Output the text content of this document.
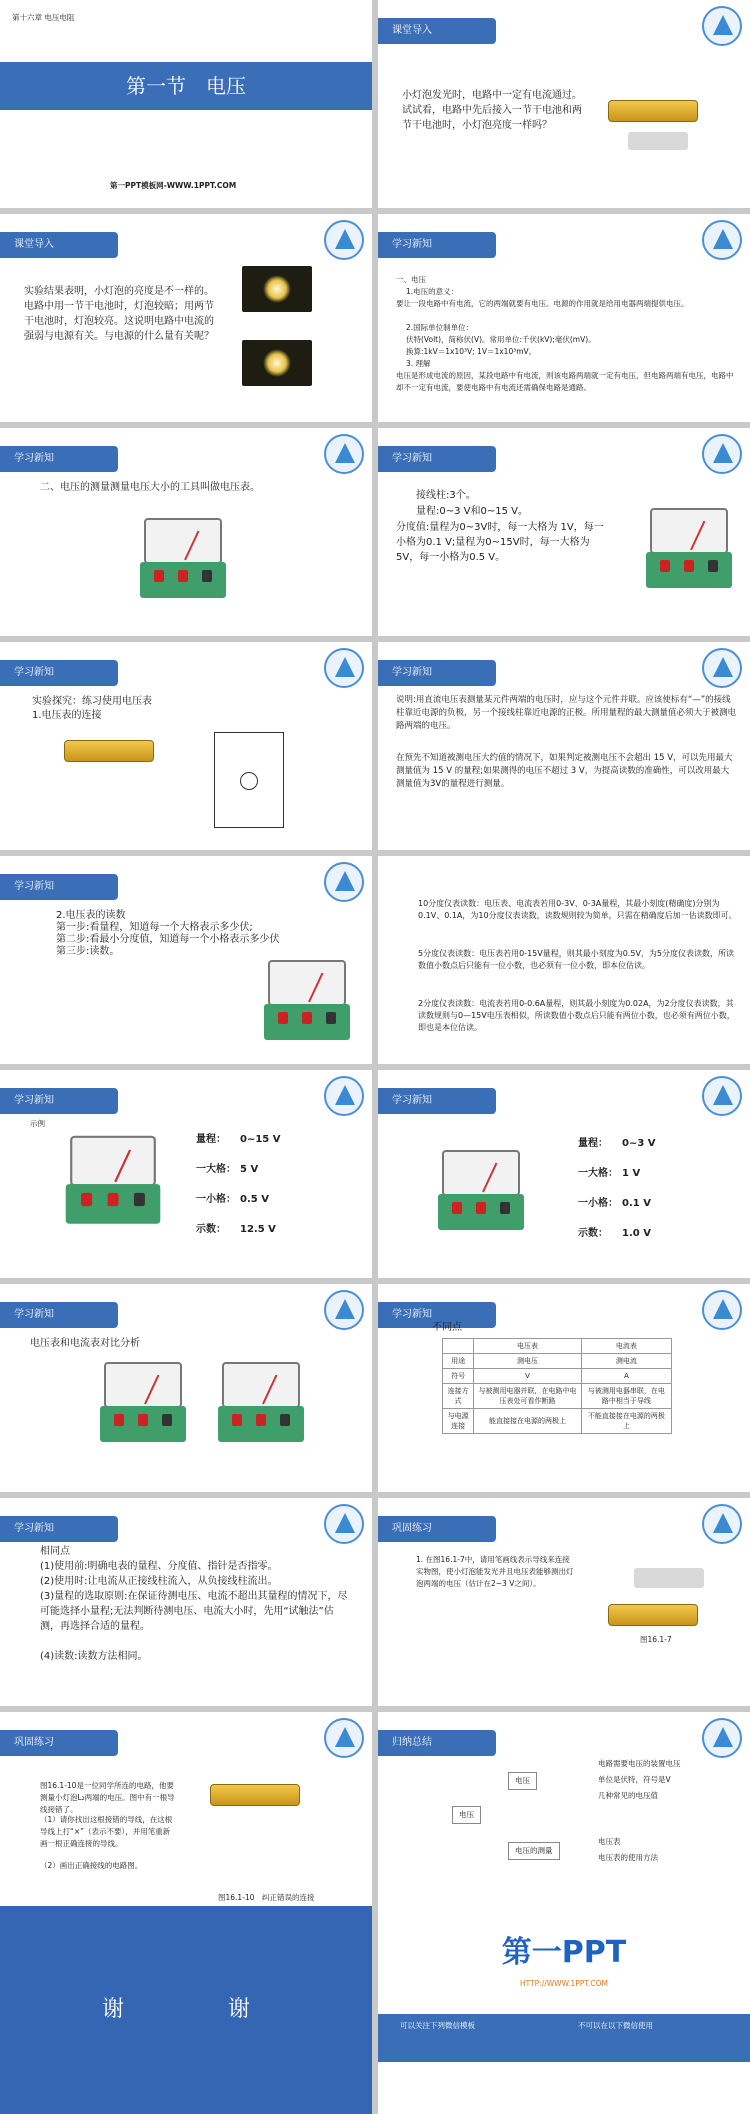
第十六章 电压电阻
第一节　电压
第一PPT模板网-WWW.1PPT.COM
课堂导入
小灯泡发光时，电路中一定有电流通过。试试看，电路中先后接入一节干电池和两节干电池时，小灯泡亮度一样吗？
课堂导入
实验结果表明，小灯泡的亮度是不一样的。电路中用一节干电池时，灯泡较暗；用两节干电池时，灯泡较亮。这说明电路中电流的强弱与电源有关。与电源的什么量有关呢？
学习新知
一、电压
1.电压的意义：
要让一段电路中有电流，它的两端就要有电压。电源的作用就是给用电器两端提供电压。
2.国际单位制单位：
伏特(Volt)，简称伏(V)。常用单位:千伏(kV);毫伏(mV)。
换算:1kV＝1x10³V; 1V＝1x10³mV。
3. 理解
电压是形成电流的原因，某段电路中有电流，则该电路两端就一定有电压，但电路两端有电压，电路中却不一定有电流，要使电路中有电流还需确保电路是通路。
学习新知
二、电压的测量测量电压大小的工具叫做电压表。
学习新知
接线柱:3个。
量程:0~3 V和0~15 V。
分度值:量程为0~3V时，每一大格为 1V，每一小格为0.1 V;量程为0~15V时，每一大格为5V，每一小格为0.5 V。
学习新知
实验探究：练习使用电压表
1.电压表的连接
学习新知
说明:用直流电压表测量某元件两端的电压时，应与这个元件并联。应该使标有“—”的接线柱靠近电源的负极，另一个接线柱靠近电源的正极。所用量程的最大测量值必须大于被测电路两端的电压。
在预先不知道被测电压大约值的情况下，如果判定被测电压不会超出 15 V，可以先用最大测量值为 15 V 的量程;如果测得的电压不超过 3 V，为提高读数的准确性，可以改用最大测量值为3V的量程进行测量。
学习新知
2.电压表的读数
第一步:看量程，知道每一个大格表示多少伏;
第二步:看最小分度值，知道每一个小格表示多少伏
第三步:读数。
10分度仪表读数：电压表、电流表若用0-3V、0-3A量程，其最小刻度(精确度)分别为0.1V、0.1A，为10分度仪表读数，读数规则较为简单，只需在精确度后加一估读数即可。
5分度仪表读数：电压表若用0-15V量程，则其最小刻度为0.5V，为5分度仪表读数，所读数值小数点后只能有一位小数，也必须有一位小数，即本位估读。
2分度仪表读数：电流表若用0-0.6A量程，则其最小刻度为0.02A，为2分度仪表读数，其读数规则与0—15V电压表相似，所读数值小数点后只能有两位小数，也必须有两位小数，即也是本位估读。
学习新知
示例
量程： 0~15 V
一大格： 5 V
一小格： 0.5 V
示数： 12.5 V
学习新知
量程： 0~3 V
一大格： 1 V
一小格： 0.1 V
示数： 1.0 V
学习新知
电压表和电流表对比分析
学习新知
不同点
	电压表	电流表
用途	测电压	测电流
符号	V	A
连接方式	与被测用电器并联，在电路中电压表处可看作断路	与被测用电器串联，在电路中相当于导线
与电源连接	能直接接在电源的两极上	不能直接接在电源的两极上
学习新知
相同点
(1)使用前:明确电表的量程、分度值、指针是否指零。
(2)使用时:让电流从正接线柱流入，从负接线柱流出。
(3)量程的选取原则:在保证待测电压、电流不超出其量程的情况下，尽可能选择小量程;无法判断待测电压、电流大小时，先用“试触法”估测，再选择合适的量程。
(4)读数:读数方法相同。
巩固练习
1. 在图16.1-7中，请用笔画线表示导线来连接实物图，使小灯泡能发光并且电压表能够测出灯泡两端的电压（估计在2~3 V之间）。
图16.1-7
巩固练习
图16.1-10是一位同学所连的电路，他要测量小灯泡L₂两端的电压。图中有一根导线接错了。
（1）请你找出这根接错的导线，在这根导线上打“×”（表示不要），并用笔重新画一根正确连接的导线。
（2）画出正确接线的电路图。
图16.1-10　纠正错误的连接
归纳总结
电压
电压
电压的测量
电路需要电压的装置电压
单位是伏特，符号是V
几种常见的电压值
电压表
电压表的使用方法
谢　　谢
第一PPT
HTTP://WWW.1PPT.COM
可以关注下列微信模板	不可以在以下微信使用
